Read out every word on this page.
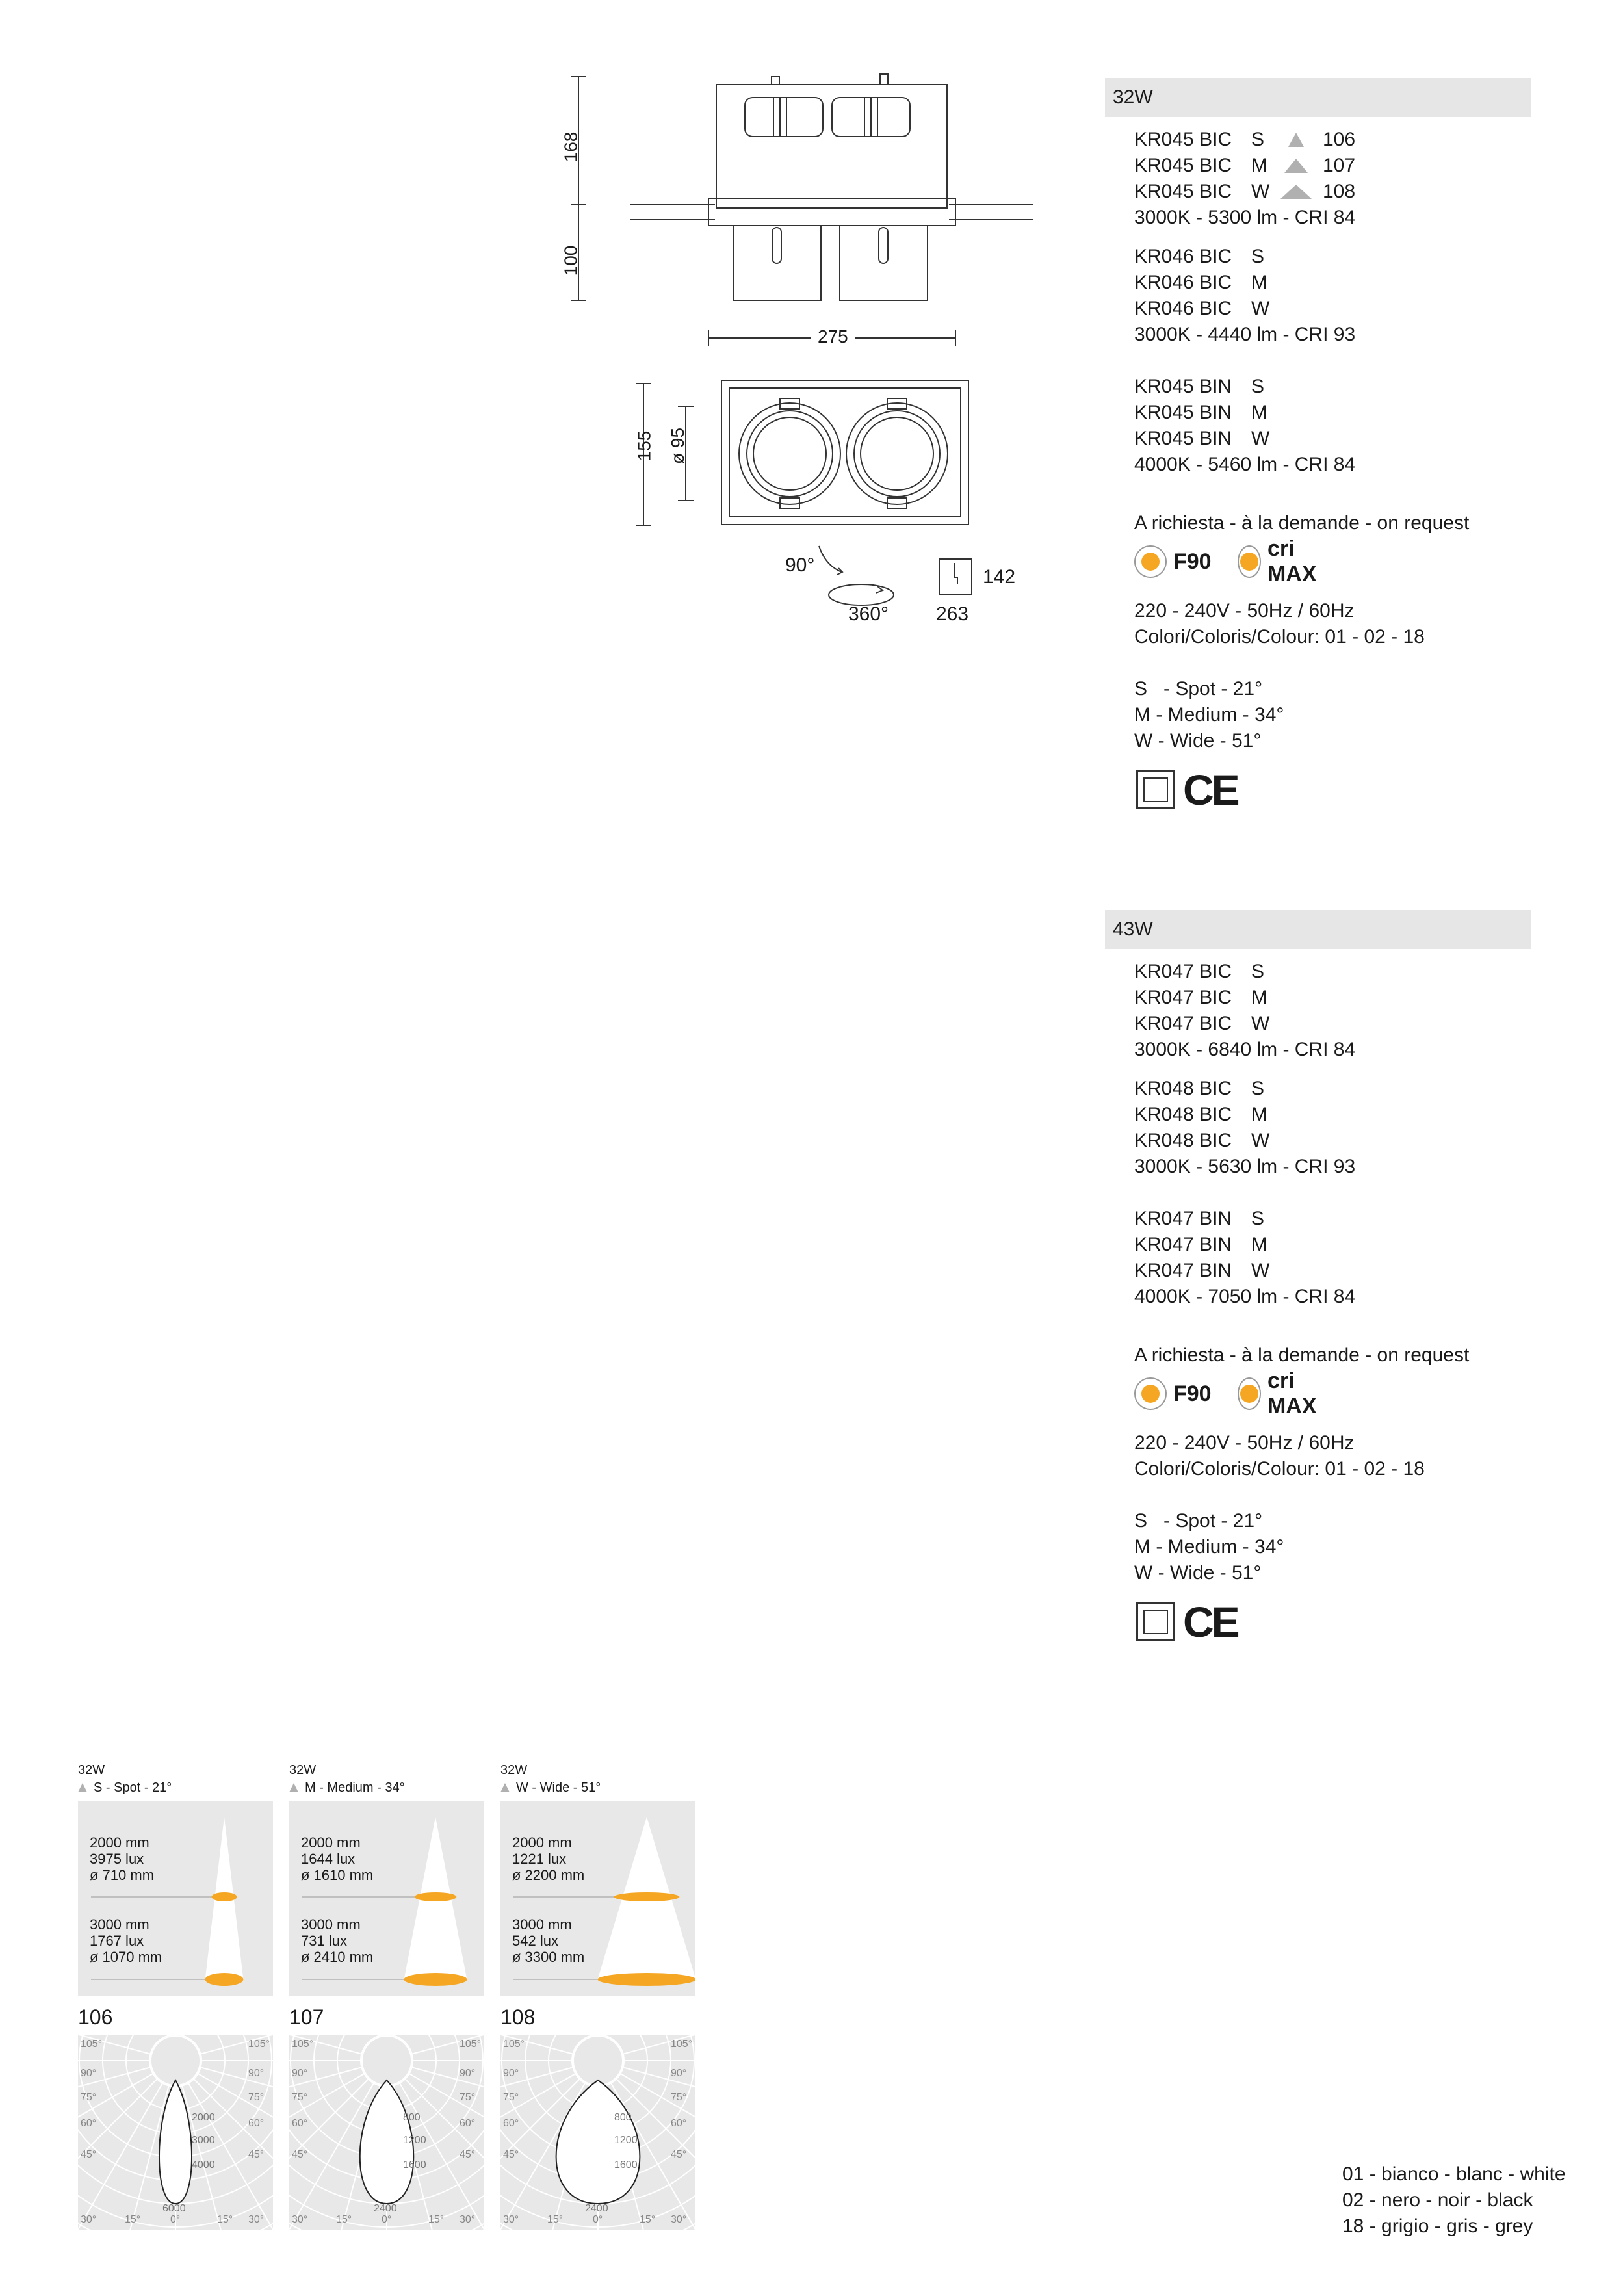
168
100
275
155 ø 95
90°
360°
142
263
32W
KR045 BIC S	106
KR045 BIC M	107
KR045 BIC W	108
3000K - 5300 lm - CRI 84
KR046 BIC S
KR046 BIC M
KR046 BIC W
3000K - 4440 lm - CRI 93
KR045 BIN S
KR045 BIN M
KR045 BIN W
4000K - 5460 lm - CRI 84
A richiesta - à la demande - on request
F90
cri MAX
220 - 240V - 50Hz / 60Hz
Colori/Coloris/Colour: 01 - 02 - 18
S   - Spot - 21°
M - Medium - 34°
W - Wide - 51°
CE
43W
KR047 BIC S
KR047 BIC M
KR047 BIC W
3000K - 6840 lm - CRI 84
KR048 BIC S
KR048 BIC M
KR048 BIC W
3000K - 5630 lm - CRI 93
KR047 BIN S
KR047 BIN M
KR047 BIN W
4000K - 7050 lm - CRI 84
A richiesta - à la demande - on request
F90
cri MAX
220 - 240V - 50Hz / 60Hz
Colori/Coloris/Colour: 01 - 02 - 18
S   - Spot - 21°
M - Medium - 34°
W - Wide - 51°
CE
32W
S - Spot - 21°
2000 mm
3975 lux
ø 710 mm
3000 mm
1767 lux
ø 1070 mm
106
105°	105°
90°	90°
75°	75°
60°	60°
45°	45°
30°	30°
15°	15°
0°
2000
3000
4000
6000
32W
M - Medium - 34°
2000 mm
1644 lux
ø 1610 mm
3000 mm
731 lux
ø 2410 mm
107
105°	105°
90°	90°
75°	75°
60°	60°
45°	45°
30°	30°
15°	15°
0°
800
1200
1600
2400
32W
W - Wide - 51°
2000 mm
1221 lux
ø 2200 mm
3000 mm
542 lux
ø 3300 mm
108
105°	105°
90°	90°
75°	75°
60°	60°
45°	45°
30°	30°
15°	15°
0°
800
1200
1600
2400
01 - bianco - blanc - white
02 - nero - noir - black
18 - grigio - gris - grey
